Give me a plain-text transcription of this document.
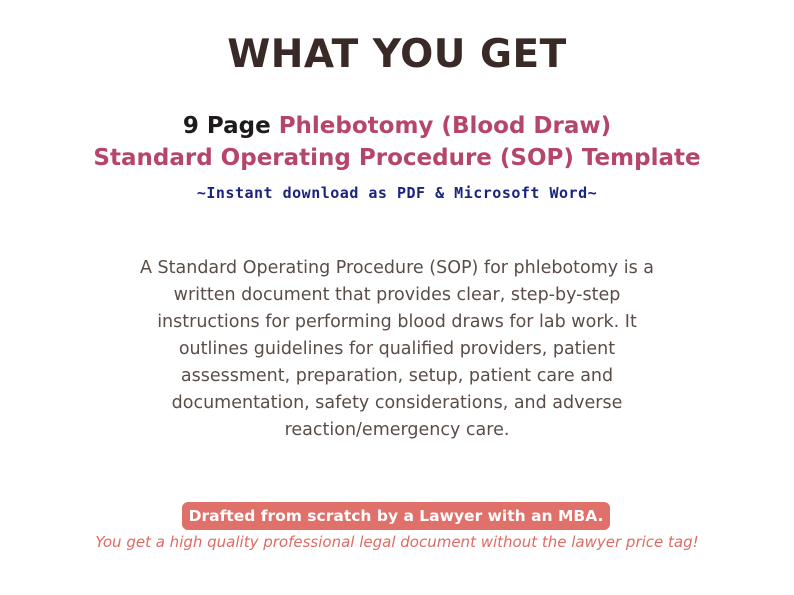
WHAT YOU GET
9 Page Phlebotomy (Blood Draw)
Standard Operating Procedure (SOP) Template
~Instant download as PDF & Microsoft Word~
A Standard Operating Procedure (SOP) for phlebotomy is a
written document that provides clear, step-by-step
instructions for performing blood draws for lab work. It
outlines guidelines for qualified providers, patient
assessment, preparation, setup, patient care and
documentation, safety considerations, and adverse
reaction/emergency care.
Drafted from scratch by a Lawyer with an MBA.
You get a high quality professional legal document without the lawyer price tag!
